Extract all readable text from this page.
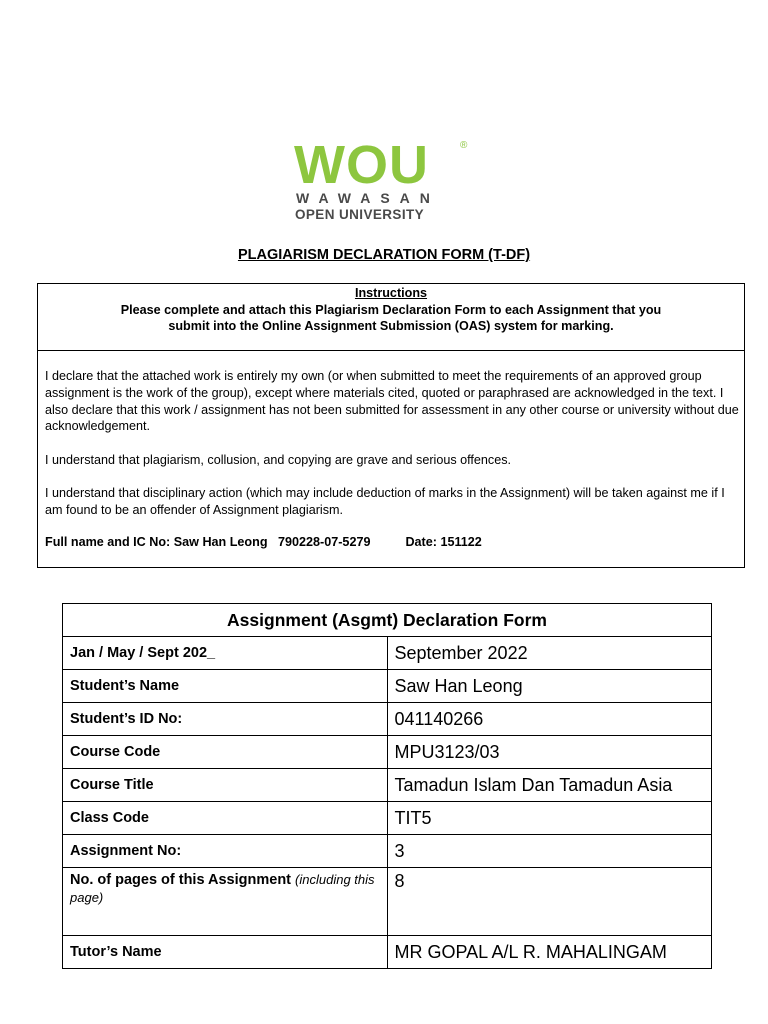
WOU	®
WAWASAN
OPEN UNIVERSITY
PLAGIARISM DECLARATION FORM (T-DF)
Instructions
Please complete and attach this Plagiarism Declaration Form to each Assignment that you
submit into the Online Assignment Submission (OAS) system for marking.

I declare that the attached work is entirely my own (or when submitted to meet the requirements of an approved group assignment is the work of the group), except where materials cited, quoted or paraphrased are acknowledged in the text. I also declare that this work / assignment has not been submitted for assessment in any other course or university without due acknowledgement.

I understand that plagiarism, collusion, and copying are grave and serious offences.

I understand that disciplinary action (which may include deduction of marks in the Assignment) will be taken against me if I am found to be an offender of Assignment plagiarism.

Full name and IC No: Saw Han Leong 790228-07-5279	Date: 151122
Assignment (Asgmt) Declaration Form	
Jan / May / Sept 202_	September 2022
Student’s Name	Saw Han Leong
Student’s ID No:	041140266
Course Code	MPU3123/03
Course Title	Tamadun Islam Dan Tamadun Asia
Class Code	TIT5
Assignment No:	3
No. of pages of this Assignment (including this page)	8
Tutor’s Name	MR GOPAL A/L R. MAHALINGAM
